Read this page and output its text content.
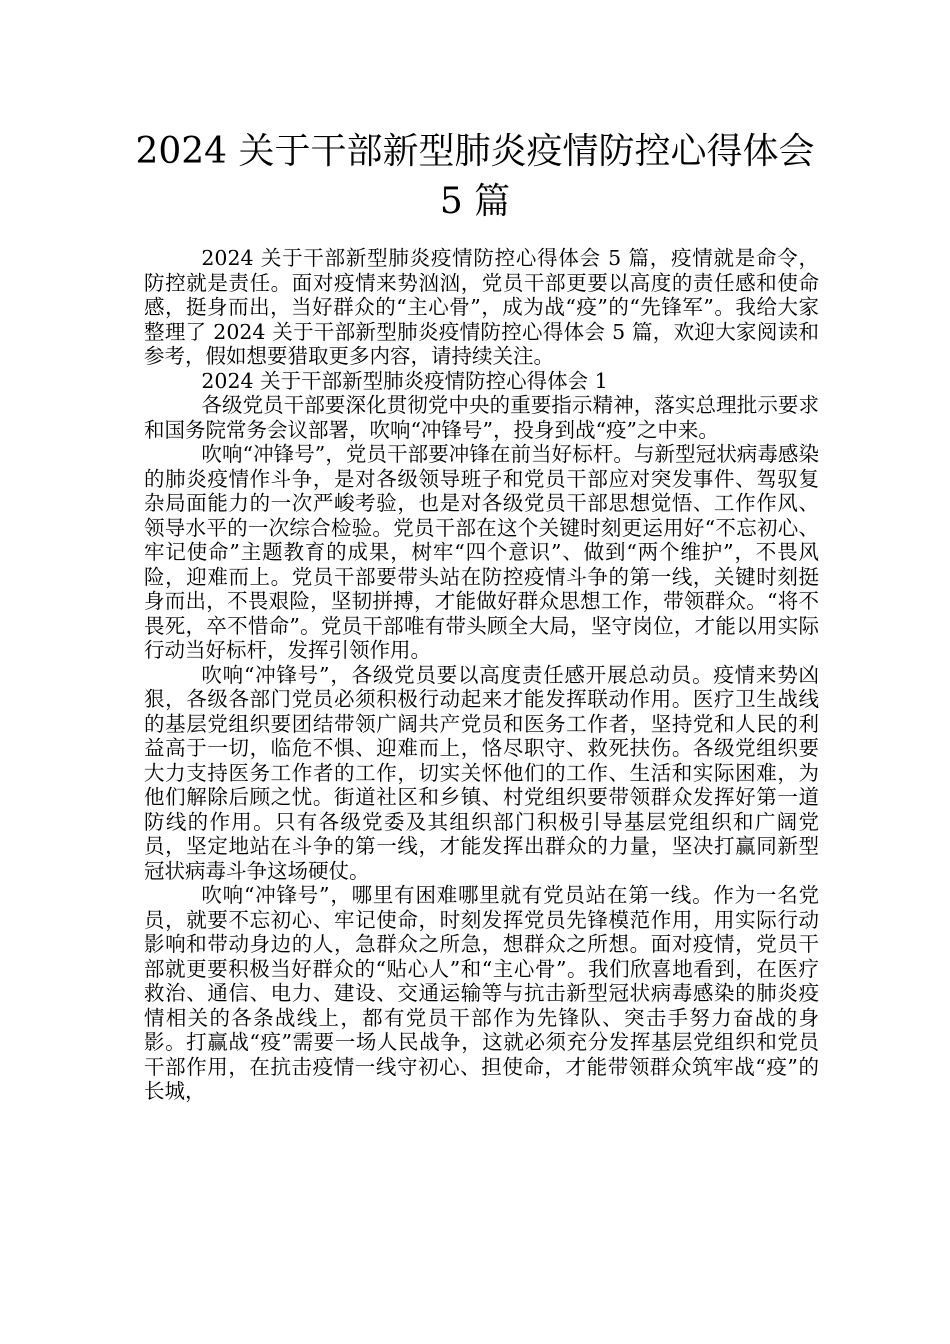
2024 关于干部新型肺炎疫情防控心得体会
5 篇

2024 关于干部新型肺炎疫情防控心得体会 5 篇，疫情就是命令，防控就是责任。面对疫情来势汹汹，党员干部更要以高度的责任感和使命感，挺身而出，当好群众的“主心骨”，成为战“疫”的“先锋军”。我给大家整理了 2024 关于干部新型肺炎疫情防控心得体会 5 篇，欢迎大家阅读和参考，假如想要猎取更多内容，请持续关注。

2024 关于干部新型肺炎疫情防控心得体会 1

各级党员干部要深化贯彻党中央的重要指示精神，落实总理批示要求和国务院常务会议部署，吹响“冲锋号”，投身到战“疫”之中来。

吹响“冲锋号”，党员干部要冲锋在前当好标杆。与新型冠状病毒感染的肺炎疫情作斗争，是对各级领导班子和党员干部应对突发事件、驾驭复杂局面能力的一次严峻考验，也是对各级党员干部思想觉悟、工作作风、领导水平的一次综合检验。党员干部在这个关键时刻更运用好“不忘初心、牢记使命”主题教育的成果，树牢“四个意识”、做到“两个维护”，不畏风险，迎难而上。党员干部要带头站在防控疫情斗争的第一线，关键时刻挺身而出，不畏艰险，坚韧拼搏，才能做好群众思想工作，带领群众。“将不畏死，卒不惜命”。党员干部唯有带头顾全大局，坚守岗位，才能以用实际行动当好标杆，发挥引领作用。

吹响“冲锋号”，各级党员要以高度责任感开展总动员。疫情来势凶狠，各级各部门党员必须积极行动起来才能发挥联动作用。医疗卫生战线的基层党组织要团结带领广阔共产党员和医务工作者，坚持党和人民的利益高于一切，临危不惧、迎难而上，恪尽职守、救死扶伤。各级党组织要大力支持医务工作者的工作，切实关怀他们的工作、生活和实际困难，为他们解除后顾之忧。街道社区和乡镇、村党组织要带领群众发挥好第一道防线的作用。只有各级党委及其组织部门积极引导基层党组织和广阔党员，坚定地站在斗争的第一线，才能发挥出群众的力量，坚决打赢同新型冠状病毒斗争这场硬仗。

吹响“冲锋号”，哪里有困难哪里就有党员站在第一线。作为一名党员，就要不忘初心、牢记使命，时刻发挥党员先锋模范作用，用实际行动影响和带动身边的人，急群众之所急，想群众之所想。面对疫情，党员干部就更要积极当好群众的“贴心人”和“主心骨”。我们欣喜地看到，在医疗救治、通信、电力、建设、交通运输等与抗击新型冠状病毒感染的肺炎疫情相关的各条战线上，都有党员干部作为先锋队、突击手努力奋战的身影。打赢战“疫”需要一场人民战争，这就必须充分发挥基层党组织和党员干部作用，在抗击疫情一线守初心、担使命，才能带领群众筑牢战“疫”的长城，
